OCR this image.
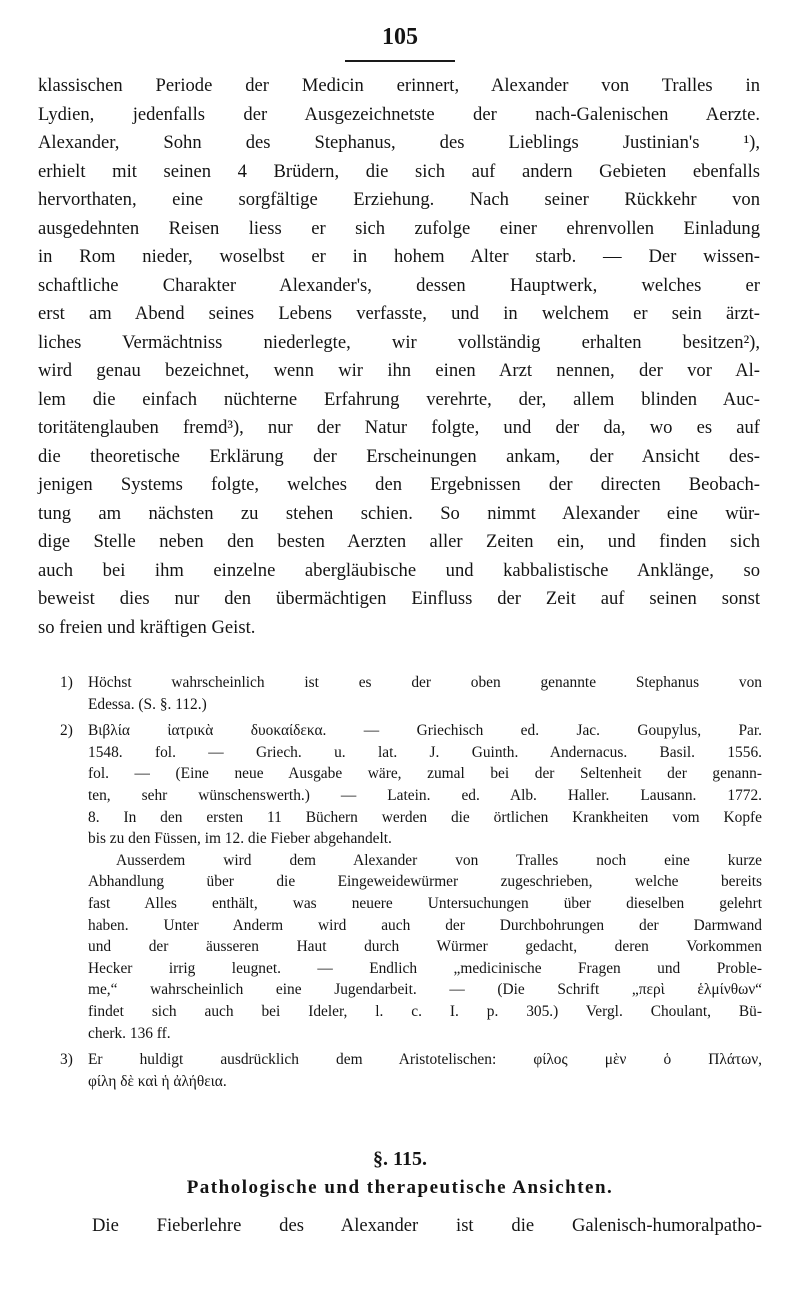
105
klassischen Periode der Medicin erinnert, Alexander von Tralles in
Lydien, jedenfalls der Ausgezeichnetste der nach-Galenischen Aerzte.
Alexander, Sohn des Stephanus, des Lieblings Justinian's ¹),
erhielt mit seinen 4 Brüdern, die sich auf andern Gebieten ebenfalls
hervorthaten, eine sorgfältige Erziehung. Nach seiner Rückkehr von
ausgedehnten Reisen liess er sich zufolge einer ehrenvollen Einladung
in Rom nieder, woselbst er in hohem Alter starb. — Der wissen-
schaftliche Charakter Alexander's, dessen Hauptwerk, welches er
erst am Abend seines Lebens verfasste, und in welchem er sein ärzt-
liches Vermächtniss niederlegte, wir vollständig erhalten besitzen²),
wird genau bezeichnet, wenn wir ihn einen Arzt nennen, der vor Al-
lem die einfach nüchterne Erfahrung verehrte, der, allem blinden Auc-
toritätenglauben fremd³), nur der Natur folgte, und der da, wo es auf
die theoretische Erklärung der Erscheinungen ankam, der Ansicht des-
jenigen Systems folgte, welches den Ergebnissen der directen Beobach-
tung am nächsten zu stehen schien. So nimmt Alexander eine wür-
dige Stelle neben den besten Aerzten aller Zeiten ein, und finden sich
auch bei ihm einzelne abergläubische und kabbalistische Anklänge, so
beweist dies nur den übermächtigen Einfluss der Zeit auf seinen sonst
so freien und kräftigen Geist.
1) Höchst wahrscheinlich ist es der oben genannte Stephanus von
Edessa. (S. §. 112.)
2) Βιβλία ἰατρικὰ δυοκαίδεκα. — Griechisch ed. Jac. Goupylus, Par.
1548. fol. — Griech. u. lat. J. Guinth. Andernacus. Basil. 1556.
fol. — (Eine neue Ausgabe wäre, zumal bei der Seltenheit der genann-
ten, sehr wünschenswerth.) — Latein. ed. Alb. Haller. Lausann. 1772.
8. In den ersten 11 Büchern werden die örtlichen Krankheiten vom Kopfe
bis zu den Füssen, im 12. die Fieber abgehandelt.
Ausserdem wird dem Alexander von Tralles noch eine kurze
Abhandlung über die Eingeweidewürmer zugeschrieben, welche bereits
fast Alles enthält, was neuere Untersuchungen über dieselben gelehrt
haben. Unter Anderm wird auch der Durchbohrungen der Darmwand
und der äusseren Haut durch Würmer gedacht, deren Vorkommen
Hecker irrig leugnet. — Endlich „medicinische Fragen und Proble-
me,“ wahrscheinlich eine Jugendarbeit. — (Die Schrift „περὶ ἑλμίνθων“
findet sich auch bei Ideler, l. c. I. p. 305.) Vergl. Choulant, Bü-
cherk. 136 ff.
3) Er huldigt ausdrücklich dem Aristotelischen: φίλος μὲν ὁ Πλάτων,
φίλη δὲ καὶ ἡ ἀλήθεια.
§. 115.
Pathologische und therapeutische Ansichten.
Die Fieberlehre des Alexander ist die Galenisch-humoralpatho-
